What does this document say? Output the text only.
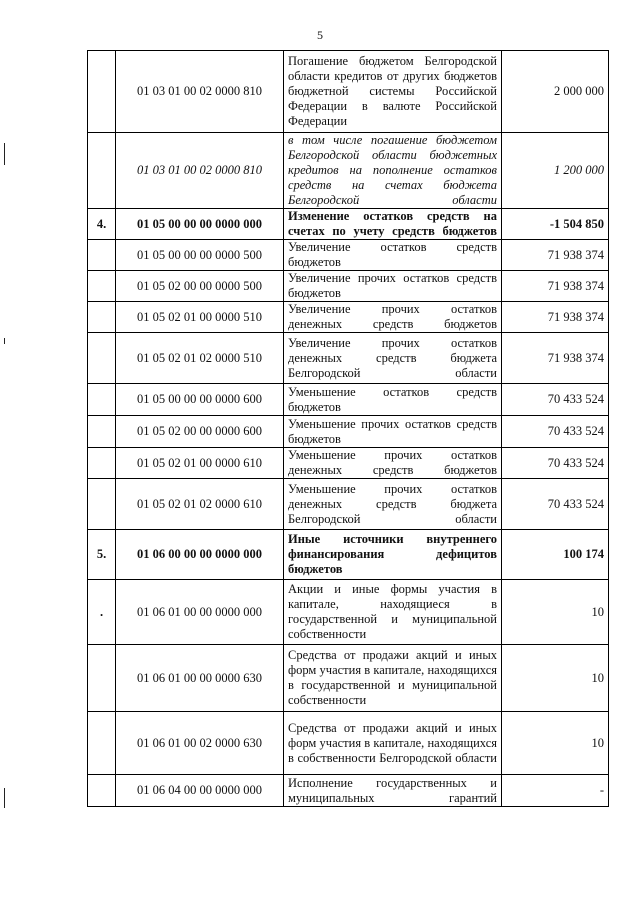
5
	01 03 01 00 02 0000 810	Погашение бюджетом Белгородской области кредитов от других бюджетов бюджетной системы Российской Федерации в валюте Российской Федерации	2 000 000
	01 03 01 00 02 0000 810	в том числе погашение бюджетом Белгородской области бюджетных кредитов на пополнение остатков средств на счетах бюджета Белгородской области	1 200 000
4.	01 05 00 00 00 0000 000	Изменение остатков средств на счетах по учету средств бюджетов	-1 504 850
	01 05 00 00 00 0000 500	Увеличение остатков средств бюджетов	71 938 374
	01 05 02 00 00 0000 500	Увеличение прочих остатков средств бюджетов	71 938 374
	01 05 02 01 00 0000 510	Увеличение прочих остатков денежных средств бюджетов	71 938 374
	01 05 02 01 02 0000 510	Увеличение прочих остатков денежных средств бюджета Белгородской области	71 938 374
	01 05 00 00 00 0000 600	Уменьшение остатков средств бюджетов	70 433 524
	01 05 02 00 00 0000 600	Уменьшение прочих остатков средств бюджетов	70 433 524
	01 05 02 01 00 0000 610	Уменьшение прочих остатков денежных средств бюджетов	70 433 524
	01 05 02 01 02 0000 610	Уменьшение прочих остатков денежных средств бюджета Белгородской области	70 433 524
5.	01 06 00 00 00 0000 000	Иные источники внутреннего финансирования дефицитов бюджетов	100 174
.	01 06 01 00 00 0000 000	Акции и иные формы участия в капитале, находящиеся в государственной и муниципальной собственности	10
	01 06 01 00 00 0000 630	Средства от продажи акций и иных форм участия в капитале, находящихся в государственной и муниципальной собственности	10
	01 06 01 00 02 0000 630	Средства от продажи акций и иных форм участия в капитале, находящихся в собственности Белгородской области	10
	01 06 04 00 00 0000 000	Исполнение государственных и муниципальных гарантий	-
